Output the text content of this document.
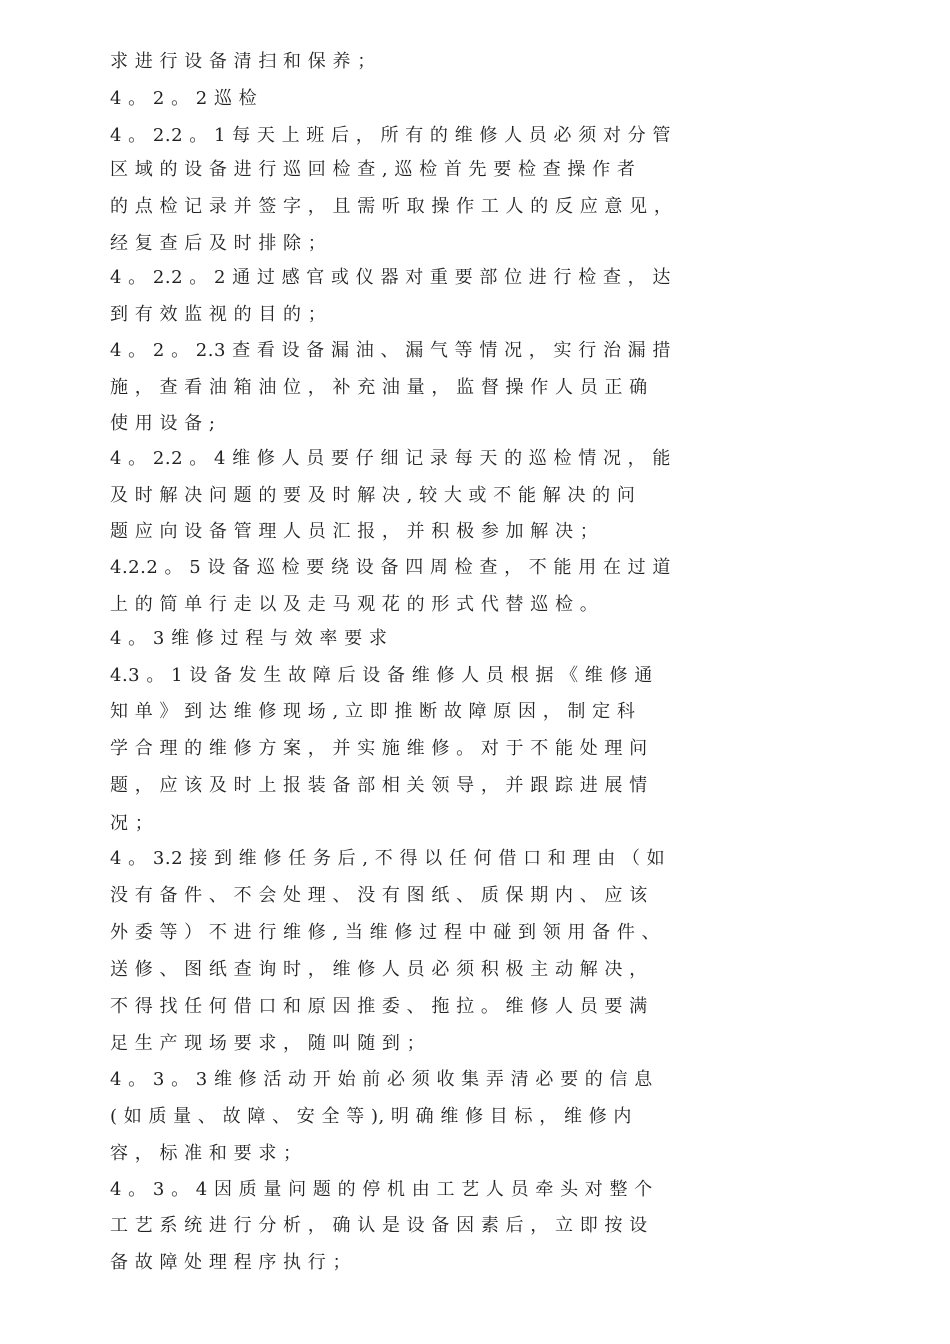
求 进 行 设 备 清 扫 和 保 养 ；
4 。 2 。 2 巡 检
4 。 2.2 。 1 每 天 上 班 后 ， 所 有 的 维 修 人 员 必 须 对 分 管
区 域 的 设 备 进 行 巡 回 检 查 , 巡 检 首 先 要 检 查 操 作 者
的 点 检 记 录 并 签 字 ， 且 需 听 取 操 作 工 人 的 反 应 意 见 ，
经 复 查 后 及 时 排 除 ；
4 。 2.2 。 2 通 过 感 官 或 仪 器 对 重 要 部 位 进 行 检 查 ， 达
到 有 效 监 视 的 目 的 ；
4 。 2 。 2.3 查 看 设 备 漏 油 、 漏 气 等 情 况 ， 实 行 治 漏 措
施 ， 查 看 油 箱 油 位 ， 补 充 油 量 ， 监 督 操 作 人 员 正 确
使 用 设 备 ;
4 。 2.2 。 4 维 修 人 员 要 仔 细 记 录 每 天 的 巡 检 情 况 ， 能
及 时 解 决 问 题 的 要 及 时 解 决 , 较 大 或 不 能 解 决 的 问
题 应 向 设 备 管 理 人 员 汇 报 ， 并 积 极 参 加 解 决 ；
4.2.2 。 5 设 备 巡 检 要 绕 设 备 四 周 检 查 ， 不 能 用 在 过 道
上 的 简 单 行 走 以 及 走 马 观 花 的 形 式 代 替 巡 检 。
4 。 3 维 修 过 程 与 效 率 要 求
4.3 。 1 设 备 发 生 故 障 后 设 备 维 修 人 员 根 据 《 维 修 通
知 单 》 到 达 维 修 现 场 , 立 即 推 断 故 障 原 因 ， 制 定 科
学 合 理 的 维 修 方 案 ， 并 实 施 维 修 。 对 于 不 能 处 理 问
题 ， 应 该 及 时 上 报 装 备 部 相 关 领 导 ， 并 跟 踪 进 展 情
况 ；
4 。 3.2 接 到 维 修 任 务 后 , 不 得 以 任 何 借 口 和 理 由 （ 如
没 有 备 件 、 不 会 处 理 、 没 有 图 纸 、 质 保 期 内 、 应 该
外 委 等 ） 不 进 行 维 修 , 当 维 修 过 程 中 碰 到 领 用 备 件 、
送 修 、 图 纸 查 询 时 ， 维 修 人 员 必 须 积 极 主 动 解 决 ，
不 得 找 任 何 借 口 和 原 因 推 委 、 拖 拉 。 维 修 人 员 要 满
足 生 产 现 场 要 求 ， 随 叫 随 到 ；
4 。 3 。 3 维 修 活 动 开 始 前 必 须 收 集 弄 清 必 要 的 信 息
( 如 质 量 、 故 障 、 安 全 等 ), 明 确 维 修 目 标 ， 维 修 内
容 ， 标 准 和 要 求 ；
4 。 3 。 4 因 质 量 问 题 的 停 机 由 工 艺 人 员 牵 头 对 整 个
工 艺 系 统 进 行 分 析 ， 确 认 是 设 备 因 素 后 ， 立 即 按 设
备 故 障 处 理 程 序 执 行 ；
